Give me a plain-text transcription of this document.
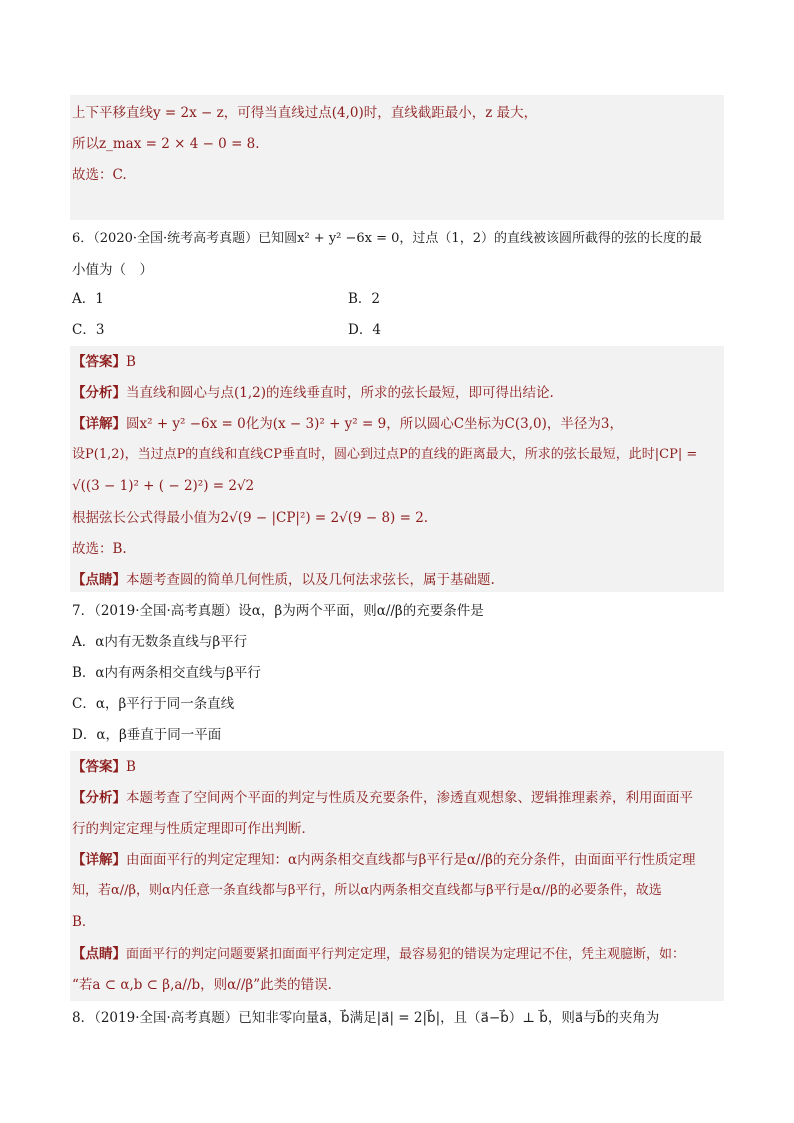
上下平移直线y = 2x − z，可得当直线过点(4,0)时，直线截距最小，z 最大，
所以z_max = 2 × 4 − 0 = 8.
故选：C.
6．（2020·全国·统考高考真题）已知圆x² + y² −6x = 0，过点（1，2）的直线被该圆所截得的弦的长度的最
小值为（　）
A．1	B．2
C．3	D．4
【答案】B
【分析】当直线和圆心与点(1,2)的连线垂直时，所求的弦长最短，即可得出结论.
【详解】圆x² + y² −6x = 0化为(x − 3)² + y² = 9，所以圆心C坐标为C(3,0)，半径为3，
设P(1,2)，当过点P的直线和直线CP垂直时，圆心到过点P的直线的距离最大，所求的弦长最短，此时|CP| =
√((3 − 1)² + ( − 2)²) = 2√2
根据弦长公式得最小值为2√(9 − |CP|²) = 2√(9 − 8) = 2.
故选：B.
【点睛】本题考查圆的简单几何性质，以及几何法求弦长，属于基础题.
7．（2019·全国·高考真题）设α，β为两个平面，则α//β的充要条件是
A．α内有无数条直线与β平行
B．α内有两条相交直线与β平行
C．α，β平行于同一条直线
D．α，β垂直于同一平面
【答案】B
【分析】本题考查了空间两个平面的判定与性质及充要条件，渗透直观想象、逻辑推理素养，利用面面平
行的判定定理与性质定理即可作出判断．
【详解】由面面平行的判定定理知：α内两条相交直线都与β平行是α//β的充分条件，由面面平行性质定理
知，若α//β，则α内任意一条直线都与β平行，所以α内两条相交直线都与β平行是α//β的必要条件，故选
B．
【点睛】面面平行的判定问题要紧扣面面平行判定定理，最容易犯的错误为定理记不住，凭主观臆断，如：
“若a ⊂ α,b ⊂ β,a//b，则α//β”此类的错误．
8．（2019·全国·高考真题）已知非零向量a⃗，b⃗满足|a⃗| = 2|b⃗|，且（a⃗−b⃗）⊥ b⃗，则a⃗与b⃗的夹角为
